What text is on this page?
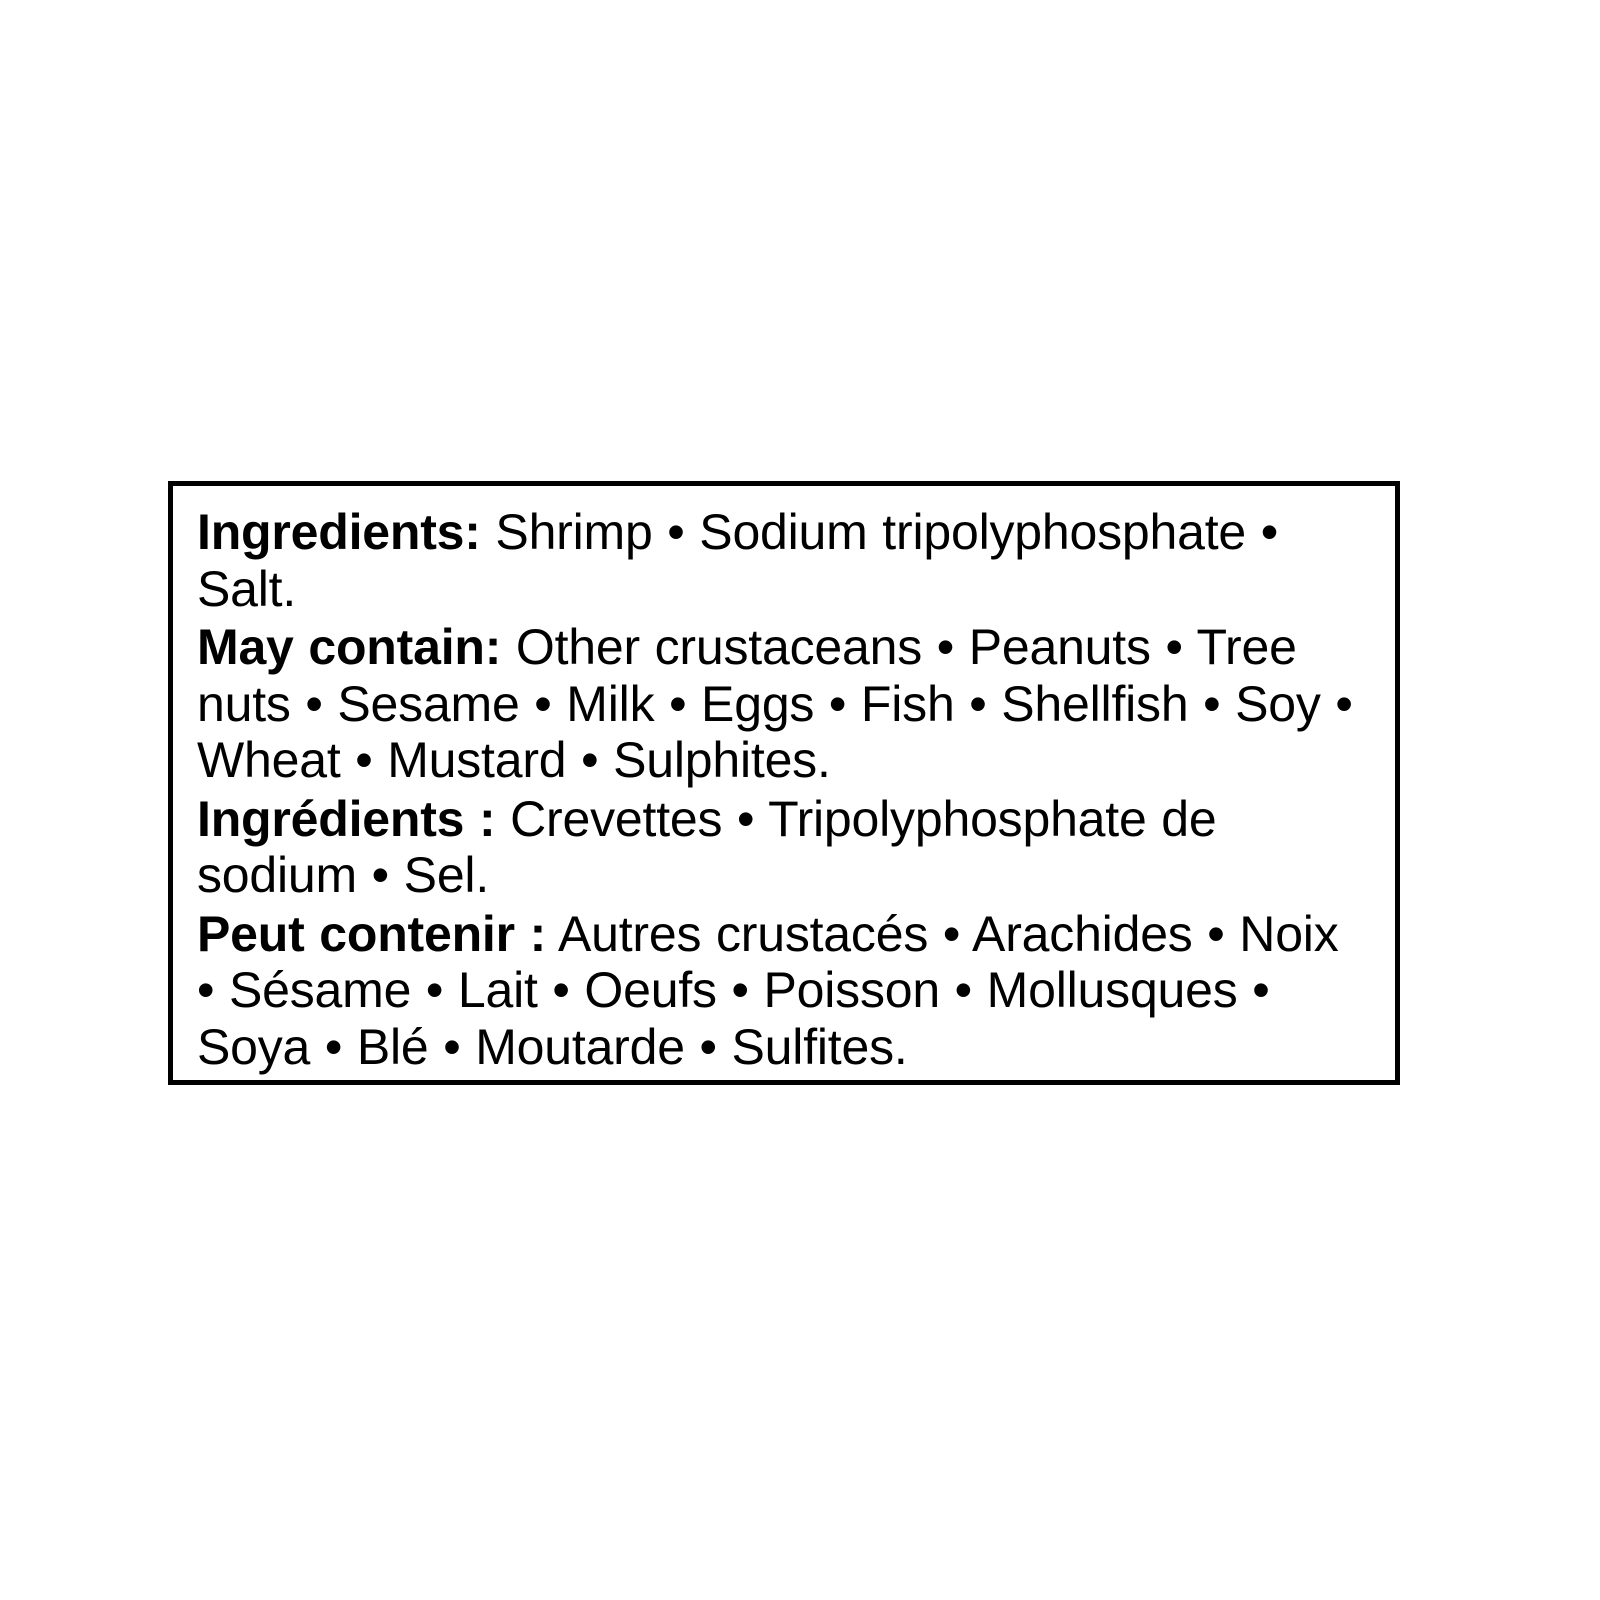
Ingredients: Shrimp • Sodium tripolyphosphate • Salt.
May contain: Other crustaceans • Peanuts • Tree nuts • Sesame • Milk • Eggs • Fish • Shellfish • Soy • Wheat • Mustard • Sulphites.
Ingrédients : Crevettes • Tripolyphosphate de sodium • Sel.
Peut contenir : Autres crustacés • Arachides • Noix • Sésame • Lait • Oeufs • Poisson • Mollusques • Soya • Blé • Moutarde • Sulfites.
